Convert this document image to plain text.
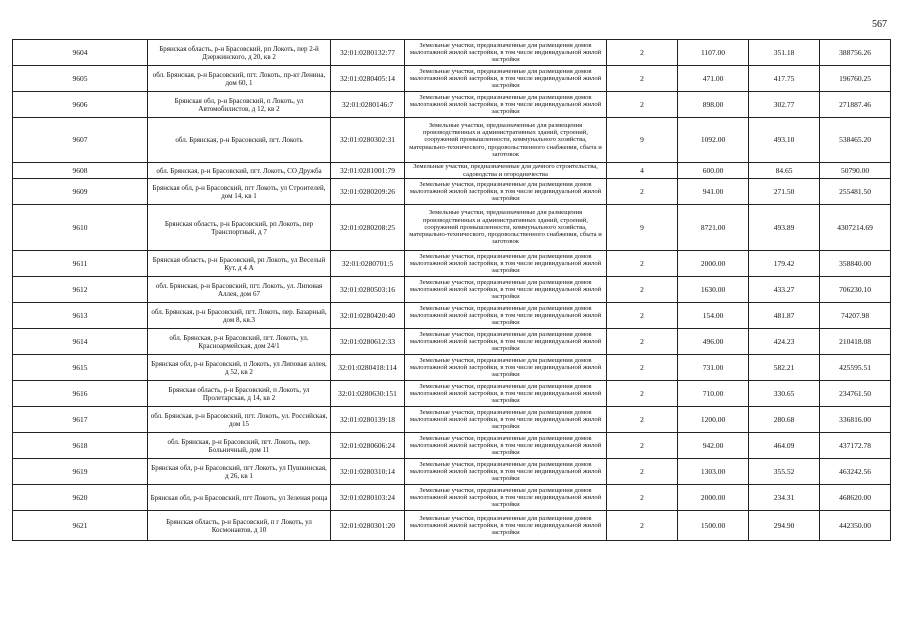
567
9604	Брянская область, р-н Брасовский, рп Локоть, пер 2-й Дзержинского, д 20, кв 2	32:01:0280132:77	Земельные участки, предназначенные для размещения домов малоэтажной жилой застройки, в том числе индивидуальной жилой застройки	2	1107.00	351.18	388756.26
9605	обл. Брянская, р-н Брасовский, пгт. Локоть, пр-кт Ленина, дом 60, 1	32:01:0280405:14	Земельные участки, предназначенные для размещения домов малоэтажной жилой застройки, в том числе индивидуальной жилой застройки	2	471.00	417.75	196760.25
9606	Брянская обл, р-н Брасовский, п Локоть, ул Автомобилистов, д 12, кв 2	32:01:0280146:7	Земельные участки, предназначенные для размещения домов малоэтажной жилой застройки, в том числе индивидуальной жилой застройки	2	898.00	302.77	271887.46
9607	обл. Брянская, р-н Брасовский, пгт. Локоть	32:01:0280302:31	Земельные участки, предназначенные для размещения производственных и административных зданий, строений, сооружений промышленности, коммунального хозяйства, материально-технического, продовольственного снабжения, сбыта и заготовок	9	1092.00	493.10	538465.20
9608	обл. Брянская, р-н Брасовский, пгт. Локоть, СО Дружба	32:01:0281001:79	Земельные участки, предназначенные для дачного строительства, садоводства и огородничества	4	600.00	84.65	50790.00
9609	Брянская обл, р-н Брасовский, пгт Локоть, ул Строителей, дом 14, кв 1	32:01:0280209:26	Земельные участки, предназначенные для размещения домов малоэтажной жилой застройки, в том числе индивидуальной жилой застройки	2	941.00	271.50	255481.50
9610	Брянская область, р-н Брасовский, рп Локоть, пер Транспортный, д 7	32:01:0280208:25	Земельные участки, предназначенные для размещения производственных и административных зданий, строений, сооружений промышленности, коммунального хозяйства, материально-технического, продовольственного снабжения, сбыта и заготовок	9	8721.00	493.89	4307214.69
9611	Брянская область, р-н Брасовский, рп Локоть, ул Веселый Кут, д 4 А	32:01:0280701:5	Земельные участки, предназначенные для размещения домов малоэтажной жилой застройки, в том числе индивидуальной жилой застройки	2	2000.00	179.42	358840.00
9612	обл. Брянская, р-н Брасовский, пгт. Локоть, ул. Липовая Аллея, дом 67	32:01:0280503:16	Земельные участки, предназначенные для размещения домов малоэтажной жилой застройки, в том числе индивидуальной жилой застройки	2	1630.00	433.27	706230.10
9613	обл. Брянская, р-н Брасовский, пгт. Локоть, пер. Базарный, дом 8, кв.3	32:01:0280420:40	Земельные участки, предназначенные для размещения домов малоэтажной жилой застройки, в том числе индивидуальной жилой застройки	2	154.00	481.87	74207.98
9614	обл. Брянская, р-н Брасовский, пгт. Локоть, ул. Красноармейская, дом 24/1	32:01:0280612:33	Земельные участки, предназначенные для размещения домов малоэтажной жилой застройки, в том числе индивидуальной жилой застройки	2	496.00	424.23	210418.08
9615	Брянская обл, р-н Брасовский, п Локоть, ул Липовая аллея, д 52, кв 2	32:01:0280418:114	Земельные участки, предназначенные для размещения домов малоэтажной жилой застройки, в том числе индивидуальной жилой застройки	2	731.00	582.21	425595.51
9616	Брянская область, р-н Брасовский, п Локоть, ул Пролетарская, д 14, кв 2	32:01:0280630:151	Земельные участки, предназначенные для размещения домов малоэтажной жилой застройки, в том числе индивидуальной жилой застройки	2	710.00	330.65	234761.50
9617	обл. Брянская, р-н Брасовский, пгт. Локоть, ул. Российская, дом 15	32:01:0280139:18	Земельные участки, предназначенные для размещения домов малоэтажной жилой застройки, в том числе индивидуальной жилой застройки	2	1200.00	280.68	336816.00
9618	обл. Брянская, р-н Брасовский, пгт. Локоть, пер. Больничный, дом 11	32:01:0280606:24	Земельные участки, предназначенные для размещения домов малоэтажной жилой застройки, в том числе индивидуальной жилой застройки	2	942.00	464.09	437172.78
9619	Брянская обл, р-н Брасовский, пгт Локоть, ул Пушкинская, д 26, кв 1	32:01:0280310:14	Земельные участки, предназначенные для размещения домов малоэтажной жилой застройки, в том числе индивидуальной жилой застройки	2	1303.00	355.52	463242.56
9620	Брянская обл, р-н Брасовский, пгт Локоть, ул Зеленая роща	32:01:0280103:24	Земельные участки, предназначенные для размещения домов малоэтажной жилой застройки, в том числе индивидуальной жилой застройки	2	2000.00	234.31	468620.00
9621	Брянская область, р-н Брасовский, п г Локоть, ул Космонавтов, д 10	32:01:0280301:20	Земельные участки, предназначенные для размещения домов малоэтажной жилой застройки, в том числе индивидуальной жилой застройки	2	1500.00	294.90	442350.00
